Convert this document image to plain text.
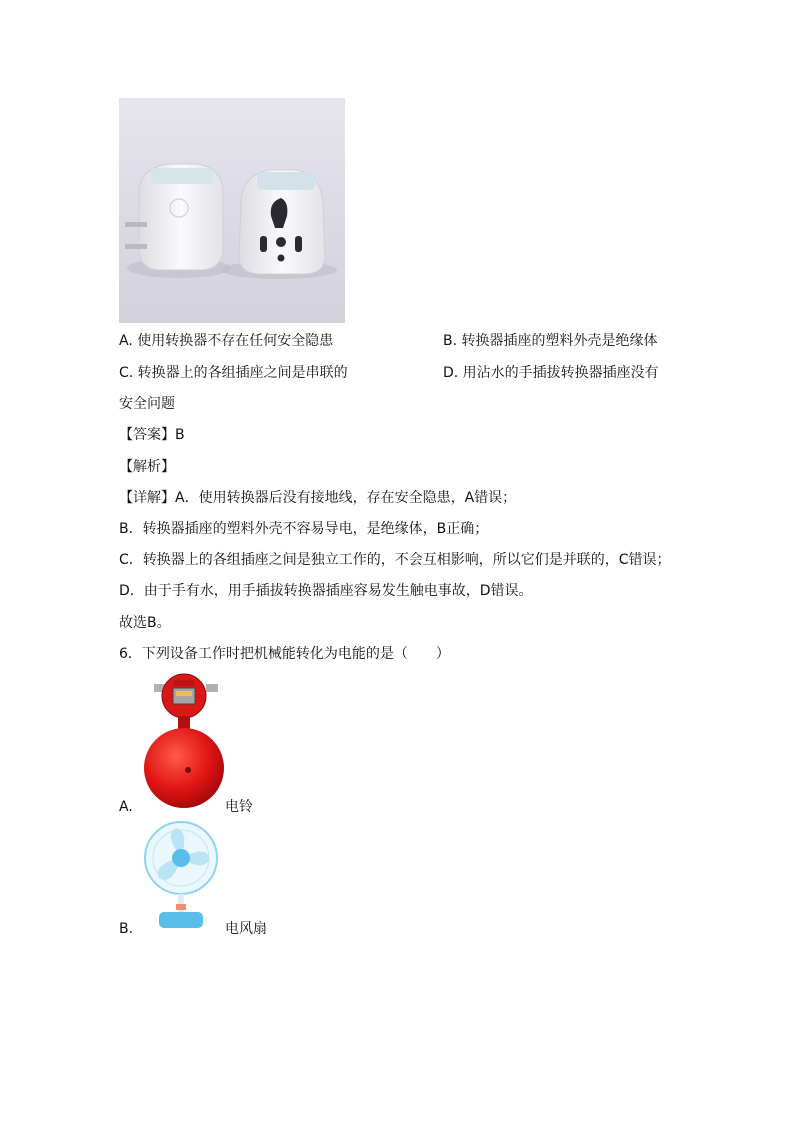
A. 使用转换器不存在任何安全隐患	B. 转换器插座的塑料外壳是绝缘体
C. 转换器上的各组插座之间是串联的	D. 用沾水的手插拔转换器插座没有
安全问题
【答案】B
【解析】
【详解】A．使用转换器后没有接地线，存在安全隐患，A错误；
B．转换器插座的塑料外壳不容易导电，是绝缘体，B正确；
C．转换器上的各组插座之间是独立工作的，不会互相影响，所以它们是并联的，C错误；
D．由于手有水，用手插拔转换器插座容易发生触电事故，D错误。
故选B。
6．下列设备工作时把机械能转化为电能的是（　　）
A.	电铃
B.	电风扇
